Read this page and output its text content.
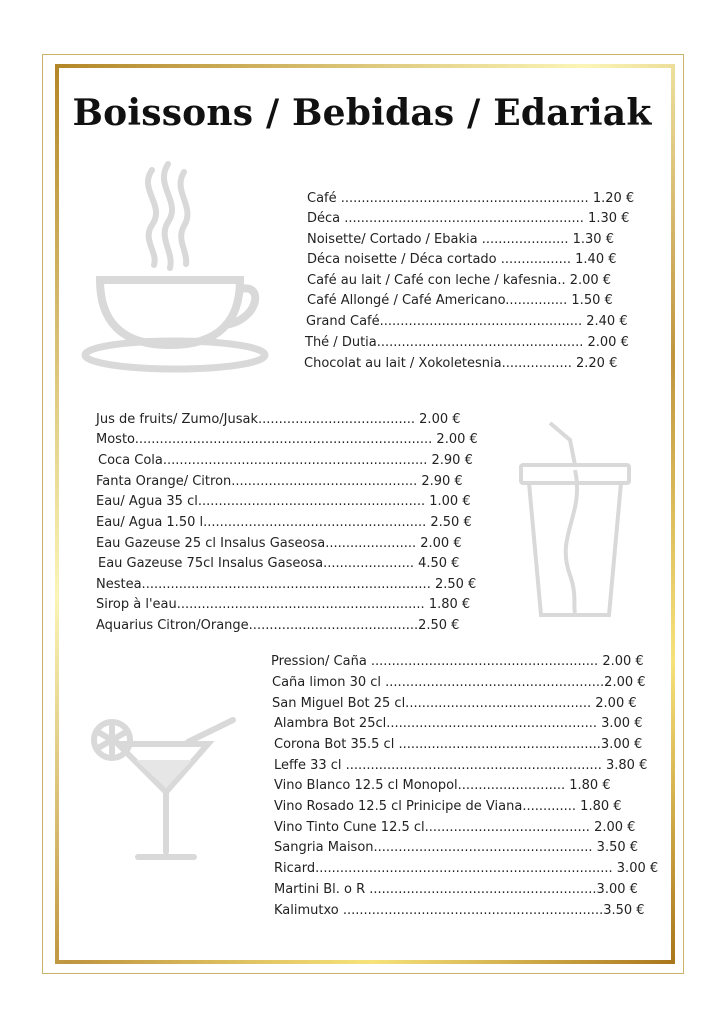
Boissons / Bebidas / Edariak
Café ............................................................ 1.20 €
Déca .......................................................... 1.30 €
Noisette/ Cortado / Ebakia ..................... 1.30 €
Déca noisette / Déca cortado ................. 1.40 €
Café au lait / Café con leche / kafesnia.. 2.00 €
Café Allongé / Café Americano............... 1.50 €
Grand Café................................................. 2.40 €
Thé / Dutia.................................................. 2.00 €
Chocolat au lait / Xokoletesnia................. 2.20 €
Jus de fruits/ Zumo/Jusak...................................... 2.00 €
Mosto........................................................................ 2.00 €
Coca Cola................................................................ 2.90 €
Fanta Orange/ Citron............................................. 2.90 €
Eau/ Agua 35 cl....................................................... 1.00 €
Eau/ Agua 1.50 l...................................................... 2.50 €
Eau Gazeuse 25 cl Insalus Gaseosa...................... 2.00 €
Eau Gazeuse 75cl Insalus Gaseosa...................... 4.50 €
Nestea...................................................................... 2.50 €
Sirop à l'eau............................................................ 1.80 €
Aquarius Citron/Orange.........................................2.50 €
Pression/ Caña ....................................................... 2.00 €
Caña limon 30 cl .....................................................2.00 €
San Miguel Bot 25 cl............................................. 2.00 €
Alambra Bot 25cl................................................... 3.00 €
Corona Bot 35.5 cl .................................................3.00 €
Leffe 33 cl .............................................................. 3.80 €
Vino Blanco 12.5 cl Monopol.......................... 1.80 €
Vino Rosado 12.5 cl Prinicipe de Viana............. 1.80 €
Vino Tinto Cune 12.5 cl........................................ 2.00 €
Sangria Maison..................................................... 3.50 €
Ricard........................................................................ 3.00 €
Martini Bl. o R .......................................................3.00 €
Kalimutxo ...............................................................3.50 €
